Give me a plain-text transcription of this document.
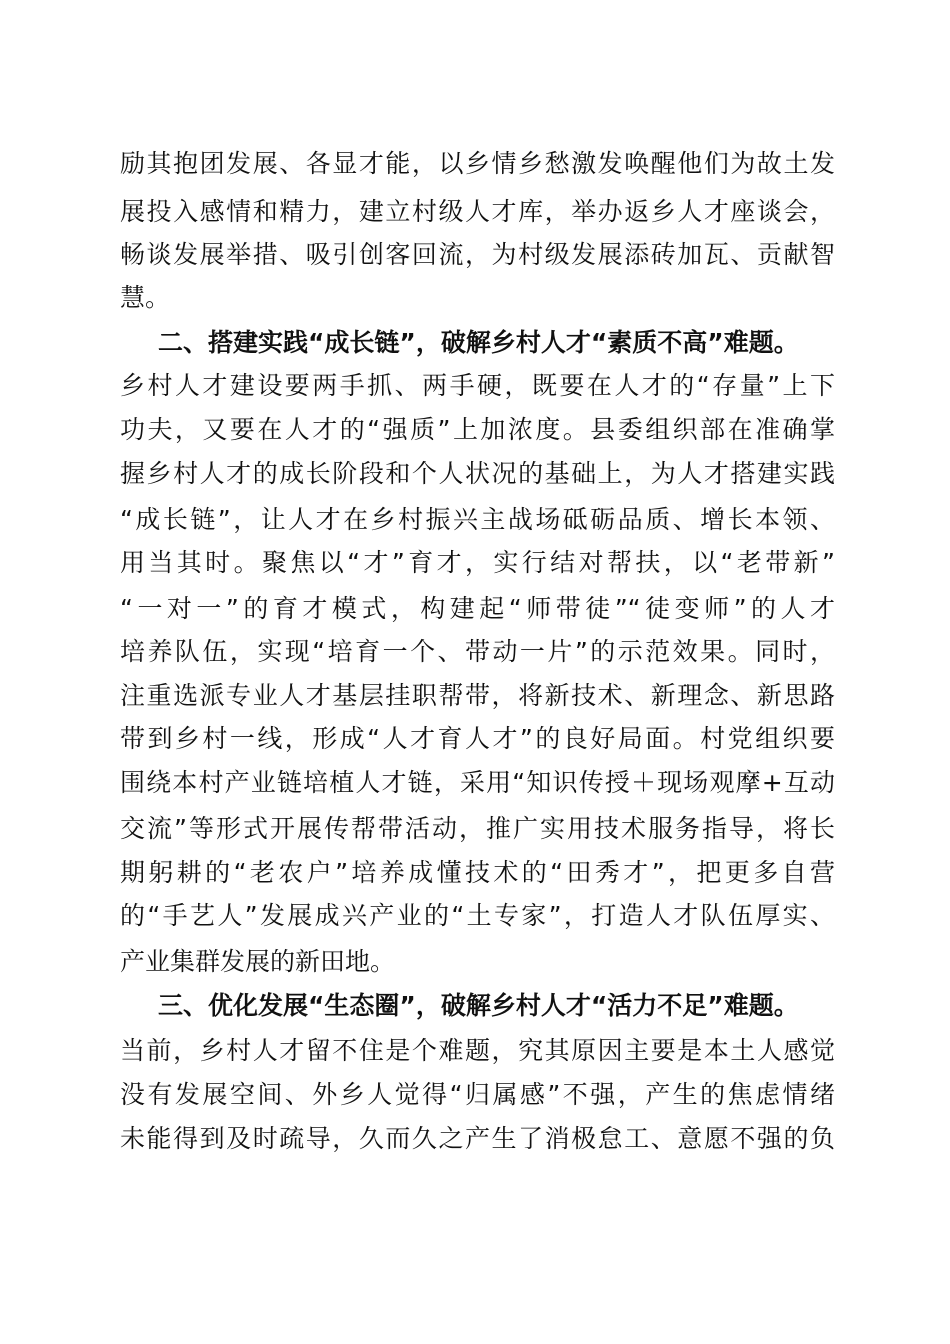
励其抱团发展、各显才能，以乡情乡愁激发唤醒他们为故土发

展投入感情和精力，建立村级人才库，举办返乡人才座谈会，

畅谈发展举措、吸引创客回流，为村级发展添砖加瓦、贡献智

慧。

二、搭建实践“成长链”，破解乡村人才“素质不高”难题。

乡村人才建设要两手抓、两手硬，既要在人才的“存量”上下

功夫，又要在人才的“强质”上加浓度。县委组织部在准确掌

握乡村人才的成长阶段和个人状况的基础上，为人才搭建实践

“成长链”，让人才在乡村振兴主战场砥砺品质、增长本领、

用当其时。聚焦以“才”育才，实行结对帮扶，以“老带新”

“一对一”的育才模式，构建起“师带徒”“徒变师”的人才

培养队伍，实现“培育一个、带动一片”的示范效果。同时，

注重选派专业人才基层挂职帮带，将新技术、新理念、新思路

带到乡村一线，形成“人才育人才”的良好局面。村党组织要

围绕本村产业链培植人才链，采用“知识传授＋现场观摩+互动

交流”等形式开展传帮带活动，推广实用技术服务指导，将长

期躬耕的“老农户”培养成懂技术的“田秀才”，把更多自营

的“手艺人”发展成兴产业的“土专家”，打造人才队伍厚实、

产业集群发展的新田地。

三、优化发展“生态圈”，破解乡村人才“活力不足”难题。

当前，乡村人才留不住是个难题，究其原因主要是本土人感觉

没有发展空间、外乡人觉得“归属感”不强，产生的焦虑情绪

未能得到及时疏导，久而久之产生了消极怠工、意愿不强的负
